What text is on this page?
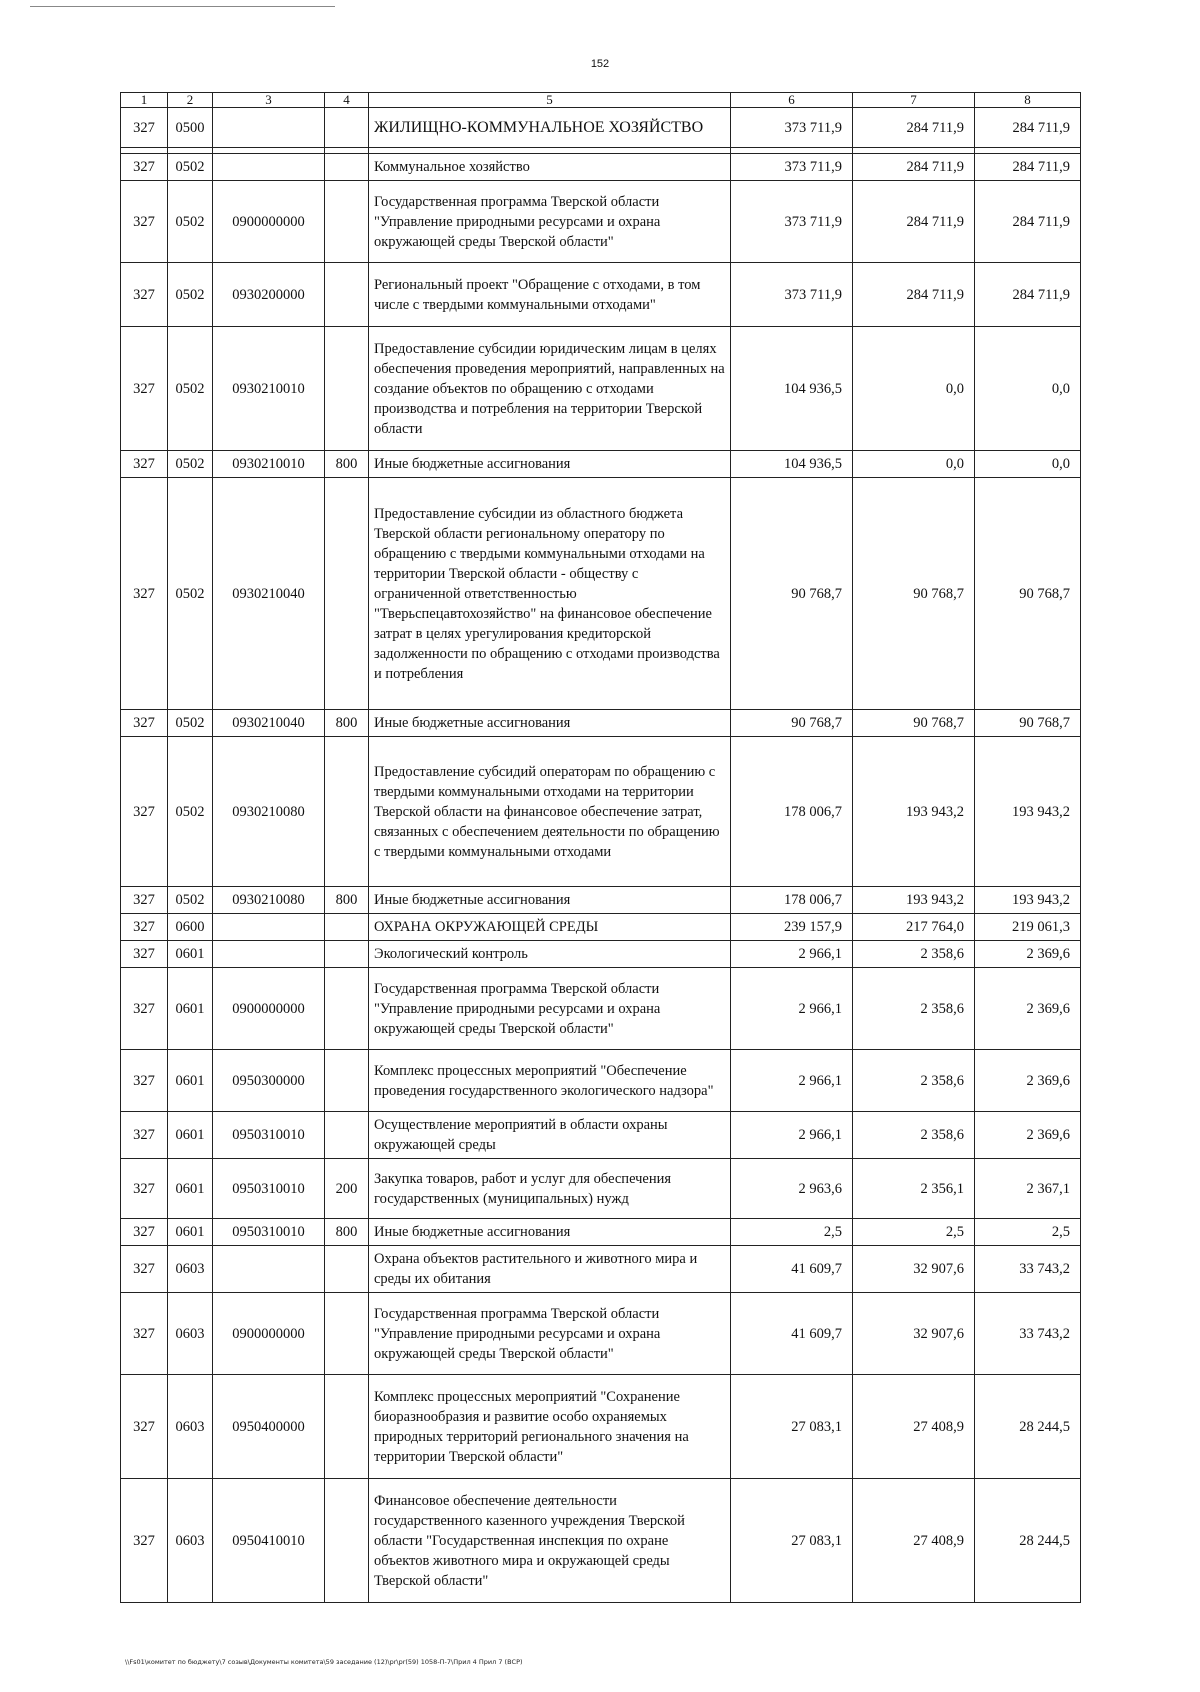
152
1	2	3	4	5	6	7	8
327	0500			ЖИЛИЩНО-КОММУНАЛЬНОЕ ХОЗЯЙСТВО	373 711,9	284 711,9	284 711,9

327	0502			Коммунальное хозяйство	373 711,9	284 711,9	284 711,9
327	0502	0900000000		Государственная программа Тверской области "Управление природными ресурсами и охрана окружающей среды Тверской области"	373 711,9	284 711,9	284 711,9
327	0502	0930200000		Региональный проект "Обращение с отходами, в том числе с твердыми коммунальными отходами"	373 711,9	284 711,9	284 711,9
327	0502	0930210010		Предоставление субсидии юридическим лицам в целях обеспечения проведения мероприятий, направленных на создание объектов по обращению с отходами производства и потребления на территории Тверской области	104 936,5	0,0	0,0
327	0502	0930210010	800	Иные бюджетные ассигнования	104 936,5	0,0	0,0
327	0502	0930210040		Предоставление субсидии из областного бюджета Тверской области региональному оператору по обращению с твердыми коммунальными отходами на территории Тверской области - обществу с ограниченной ответственностью "Тверьспецавтохозяйство" на финансовое обеспечение затрат в целях урегулирования кредиторской задолженности по обращению с отходами производства и потребления	90 768,7	90 768,7	90 768,7
327	0502	0930210040	800	Иные бюджетные ассигнования	90 768,7	90 768,7	90 768,7
327	0502	0930210080		Предоставление субсидий операторам по обращению с твердыми коммунальными отходами на территории Тверской области на финансовое обеспечение затрат, связанных с обеспечением деятельности по обращению с твердыми коммунальными отходами	178 006,7	193 943,2	193 943,2
327	0502	0930210080	800	Иные бюджетные ассигнования	178 006,7	193 943,2	193 943,2
327	0600			ОХРАНА ОКРУЖАЮЩЕЙ СРЕДЫ	239 157,9	217 764,0	219 061,3
327	0601			Экологический контроль	2 966,1	2 358,6	2 369,6
327	0601	0900000000		Государственная программа Тверской области "Управление природными ресурсами и охрана окружающей среды Тверской области"	2 966,1	2 358,6	2 369,6
327	0601	0950300000		Комплекс процессных мероприятий "Обеспечение проведения государственного экологического надзора"	2 966,1	2 358,6	2 369,6
327	0601	0950310010		Осуществление мероприятий в области охраны окружающей среды	2 966,1	2 358,6	2 369,6
327	0601	0950310010	200	Закупка товаров, работ и услуг для обеспечения государственных (муниципальных) нужд	2 963,6	2 356,1	2 367,1
327	0601	0950310010	800	Иные бюджетные ассигнования	2,5	2,5	2,5
327	0603			Охрана объектов растительного и животного мира и среды их обитания	41 609,7	32 907,6	33 743,2
327	0603	0900000000		Государственная программа Тверской области "Управление природными ресурсами и охрана окружающей среды Тверской области"	41 609,7	32 907,6	33 743,2
327	0603	0950400000		Комплекс процессных мероприятий "Сохранение биоразнообразия и развитие особо охраняемых природных территорий регионального значения на территории Тверской области"	27 083,1	27 408,9	28 244,5
327	0603	0950410010		Финансовое обеспечение деятельности государственного казенного учреждения Тверской области "Государственная инспекция по охране объектов животного мира и окружающей среды Тверской области"	27 083,1	27 408,9	28 244,5
\\Fs01\комитет по бюджету\7 созыв\Документы комитета\59 заседание (12)\pr\pr(59) 1058-П-7\Прил 4 Прил 7 (ВСР)
